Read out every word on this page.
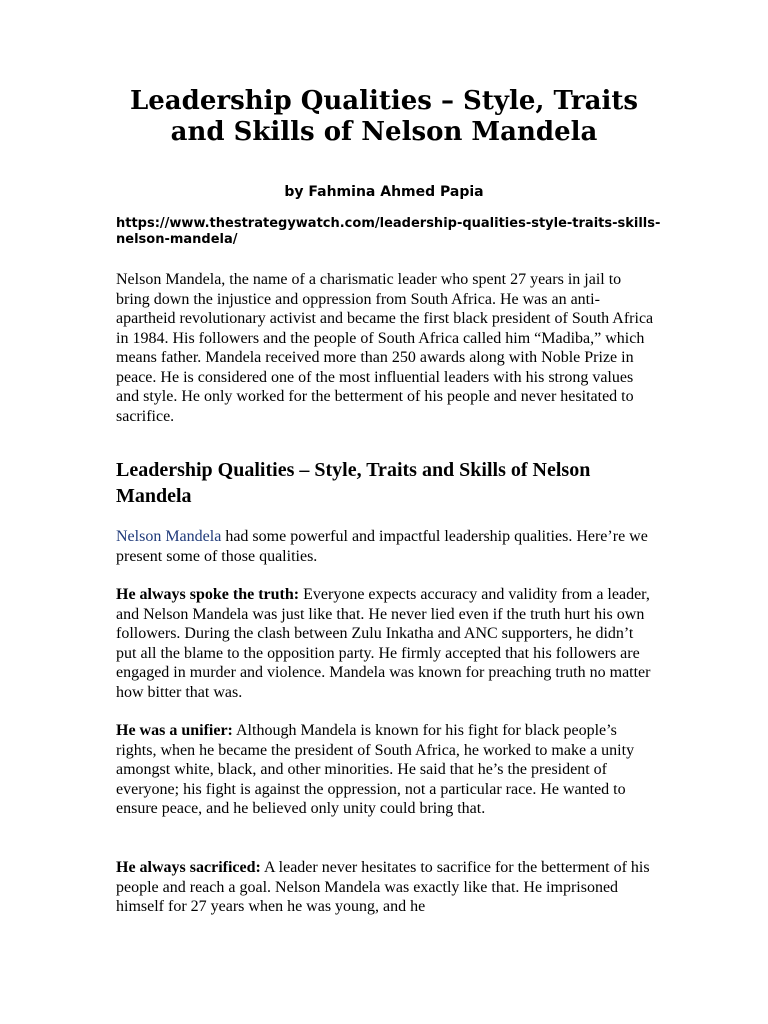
Leadership Qualities – Style, Traits and Skills of Nelson Mandela
by Fahmina Ahmed Papia
https://www.thestrategywatch.com/leadership-qualities-style-traits-skills-nelson-mandela/

Nelson Mandela, the name of a charismatic leader who spent 27 years in jail to bring down the injustice and oppression from South Africa. He was an anti-apartheid revolutionary activist and became the first black president of South Africa in 1984. His followers and the people of South Africa called him “Madiba,” which means father. Mandela received more than 250 awards along with Noble Prize in peace. He is considered one of the most influential leaders with his strong values and style. He only worked for the betterment of his people and never hesitated to sacrifice.

Leadership Qualities – Style, Traits and Skills of Nelson Mandela

Nelson Mandela had some powerful and impactful leadership qualities. Here’re we present some of those qualities.

He always spoke the truth: Everyone expects accuracy and validity from a leader, and Nelson Mandela was just like that. He never lied even if the truth hurt his own followers. During the clash between Zulu Inkatha and ANC supporters, he didn’t put all the blame to the opposition party. He firmly accepted that his followers are engaged in murder and violence. Mandela was known for preaching truth no matter how bitter that was.

He was a unifier: Although Mandela is known for his fight for black people’s rights, when he became the president of South Africa, he worked to make a unity amongst white, black, and other minorities. He said that he’s the president of everyone; his fight is against the oppression, not a particular race. He wanted to ensure peace, and he believed only unity could bring that.

He always sacrificed: A leader never hesitates to sacrifice for the betterment of his people and reach a goal. Nelson Mandela was exactly like that. He imprisoned himself for 27 years when he was young, and he
